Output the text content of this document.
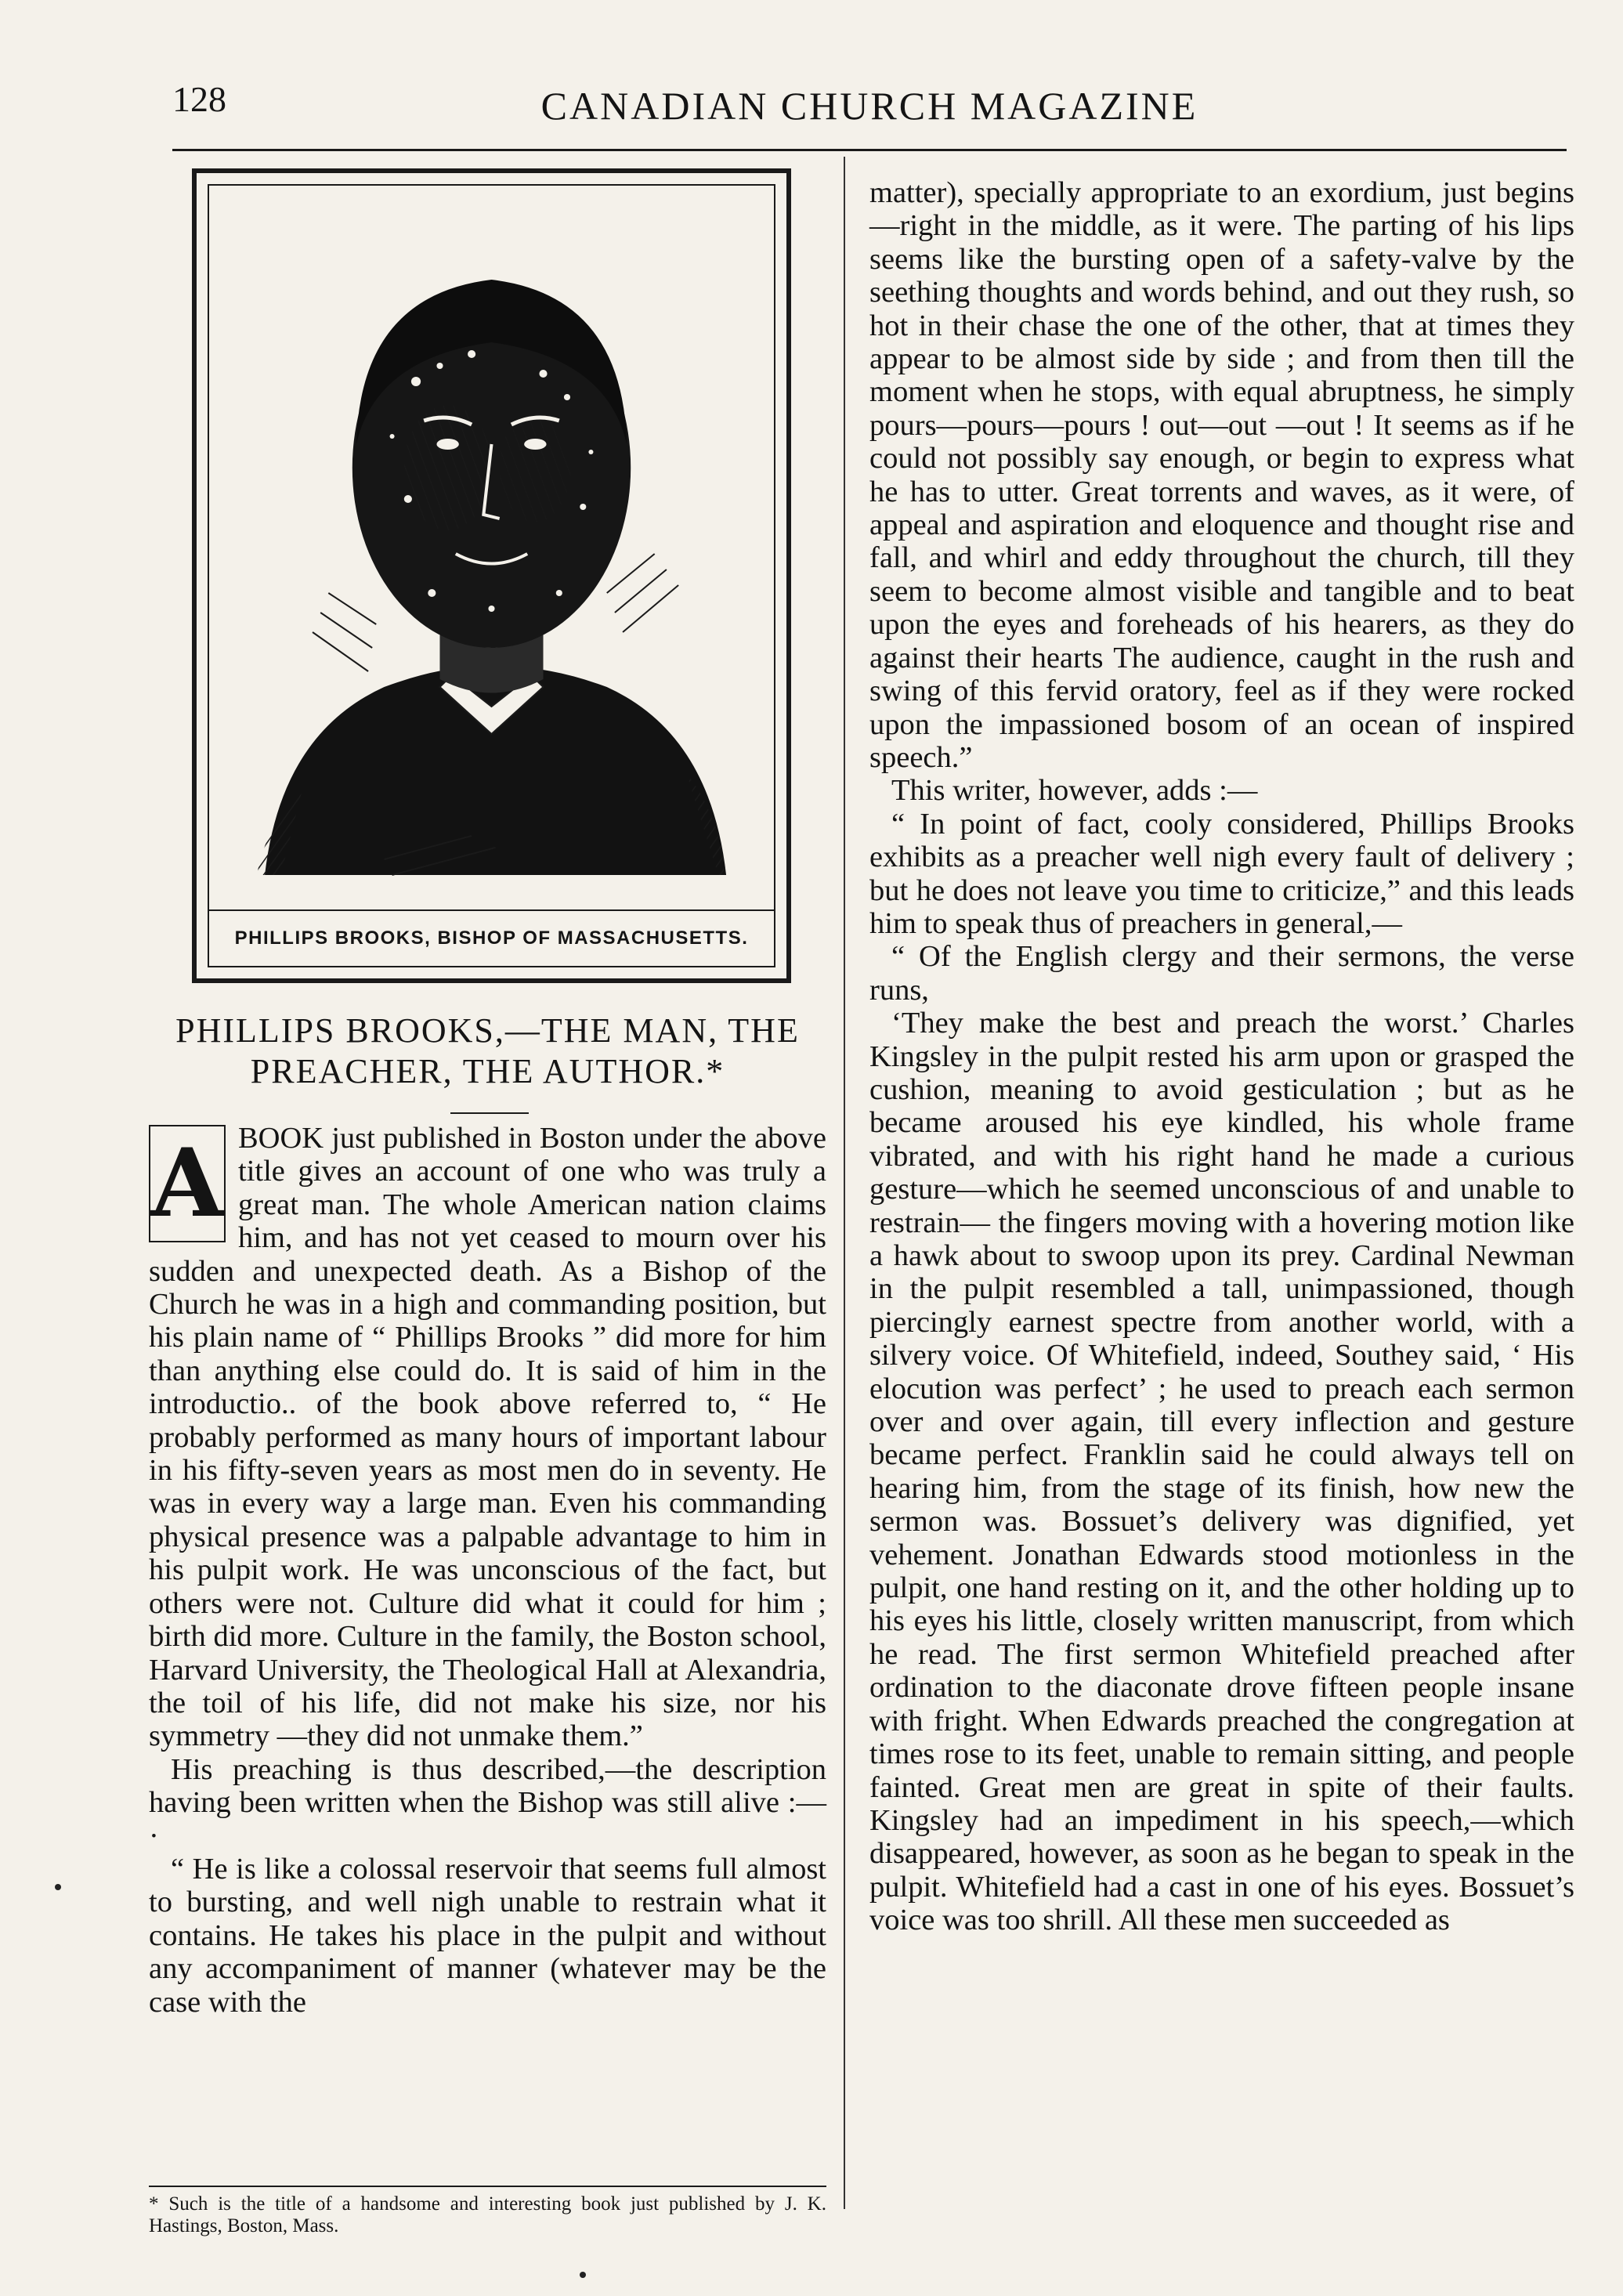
128	CANADIAN CHURCH MAGAZINE
PHILLIPS BROOKS, BISHOP OF MASSACHUSETTS.
PHILLIPS BROOKS,—THE MAN, THE
PREACHER, THE AUTHOR.*
A BOOK just published in Boston under the above title gives an account of one who was truly a great man. The whole American nation claims him, and has not yet ceased to mourn over his sudden and unexpected death. As a Bishop of the Church he was in a high and commanding position, but his plain name of “ Phillips Brooks ” did more for him than anything else could do. It is said of him in the introductio.. of the book above referred to, “ He probably performed as many hours of important labour in his fifty-seven years as most men do in seventy. He was in every way a large man. Even his commanding physical presence was a palpable advantage to him in his pulpit work. He was unconscious of the fact, but others were not. Culture did what it could for him ; birth did more. Culture in the family, the Boston school, Harvard University, the Theological Hall at Alexandria, the toil of his life, did not make his size, nor his symmetry —they did not unmake them.”

His preaching is thus described,—the description having been written when the Bishop was still alive :— ·

“ He is like a colossal reservoir that seems full almost to bursting, and well nigh unable to restrain what it contains. He takes his place in the pulpit and without any accompaniment of manner (whatever may be the case with the

matter), specially appropriate to an exordium, just begins—right in the middle, as it were. The parting of his lips seems like the bursting open of a safety-valve by the seething thoughts and words behind, and out they rush, so hot in their chase the one of the other, that at times they appear to be almost side by side ; and from then till the moment when he stops, with equal abruptness, he simply pours—pours—pours ! out—out —out ! It seems as if he could not possibly say enough, or begin to express what he has to utter. Great torrents and waves, as it were, of appeal and aspiration and eloquence and thought rise and fall, and whirl and eddy throughout the church, till they seem to become almost visible and tangible and to beat upon the eyes and foreheads of his hearers, as they do against their hearts The audience, caught in the rush and swing of this fervid oratory, feel as if they were rocked upon the impassioned bosom of an ocean of inspired speech.”

This writer, however, adds :—

“ In point of fact, cooly considered, Phillips Brooks exhibits as a preacher well nigh every fault of delivery ; but he does not leave you time to criticize,” and this leads him to speak thus of preachers in general,—

“ Of the English clergy and their sermons, the verse runs,

‘They make the best and preach the worst.’ Charles Kingsley in the pulpit rested his arm upon or grasped the cushion, meaning to avoid gesticulation ; but as he became aroused his eye kindled, his whole frame vibrated, and with his right hand he made a curious gesture—which he seemed unconscious of and unable to restrain— the fingers moving with a hovering motion like a hawk about to swoop upon its prey. Cardinal Newman in the pulpit resembled a tall, unimpassioned, though piercingly earnest spectre from another world, with a silvery voice. Of Whitefield, indeed, Southey said, ‘ His elocution was perfect’ ; he used to preach each sermon over and over again, till every inflection and gesture became perfect. Franklin said he could always tell on hearing him, from the stage of its finish, how new the sermon was. Bossuet’s delivery was dignified, yet vehement. Jonathan Edwards stood motionless in the pulpit, one hand resting on it, and the other holding up to his eyes his little, closely written manuscript, from which he read. The first sermon Whitefield preached after ordination to the diaconate drove fifteen people insane with fright. When Edwards preached the congregation at times rose to its feet, unable to remain sitting, and people fainted. Great men are great in spite of their faults. Kingsley had an impediment in his speech,—which disappeared, however, as soon as he began to speak in the pulpit. Whitefield had a cast in one of his eyes. Bossuet’s voice was too shrill. All these men succeeded as

* Such is the title of a handsome and interesting book just published by J. K. Hastings, Boston, Mass.
